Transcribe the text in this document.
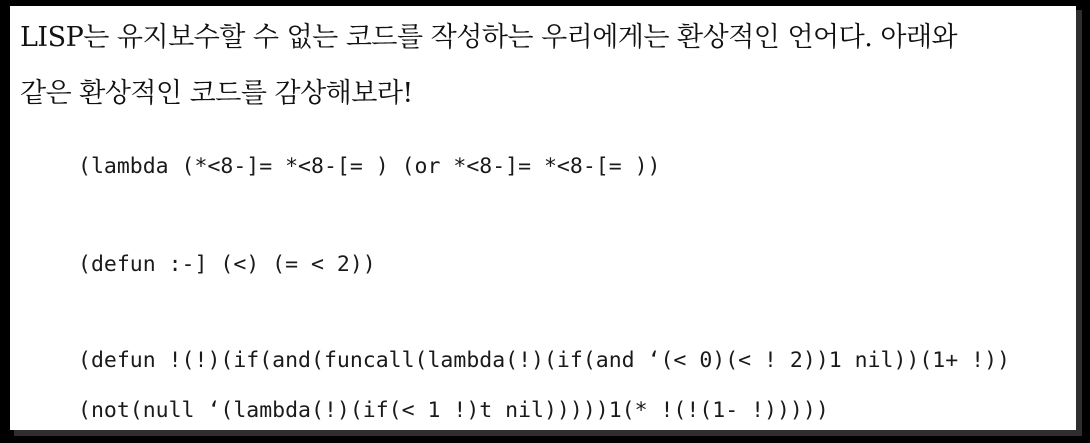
LISP는 유지보수할 수 없는 코드를 작성하는 우리에게는 환상적인 언어다. 아래와
같은 환상적인 코드를 감상해보라!
(lambda (*<8-]= *<8-[= ) (or *<8-]= *<8-[= ))
(defun :-] (<) (= < 2))
(defun !(!)(if(and(funcall(lambda(!)(if(and ‘(< 0)(< ! 2))1 nil))(1+ !))
(not(null ‘(lambda(!)(if(< 1 !)t nil)))))1(* !(!(1- !)))))
